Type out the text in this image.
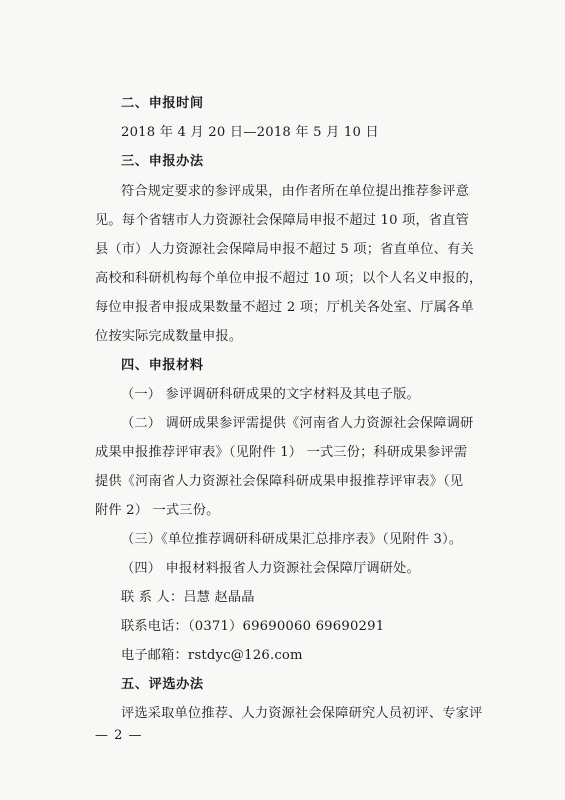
二、申报时间
2018 年 4 月 20 日—2018 年 5 月 10 日
三、申报办法
符合规定要求的参评成果，由作者所在单位提出推荐参评意
见。每个省辖市人力资源社会保障局申报不超过 10 项，省直管
县（市）人力资源社会保障局申报不超过 5 项；省直单位、有关
高校和科研机构每个单位申报不超过 10 项；以个人名义申报的，
每位申报者申报成果数量不超过 2 项；厅机关各处室、厅属各单
位按实际完成数量申报。
四、申报材料
（一） 参评调研科研成果的文字材料及其电子版。
（二） 调研成果参评需提供《河南省人力资源社会保障调研
成果申报推荐评审表》（见附件 1） 一式三份；科研成果参评需
提供《河南省人力资源社会保障科研成果申报推荐评审表》（见
附件 2） 一式三份。
（三）《单位推荐调研科研成果汇总排序表》（见附件 3）。
（四） 申报材料报省人力资源社会保障厅调研处。
联 系 人：吕慧 赵晶晶
联系电话：（0371）69690060 69690291
电子邮箱：rstdyc@126.com
五、评选办法
评选采取单位推荐、人力资源社会保障研究人员初评、专家评
— 2 —
